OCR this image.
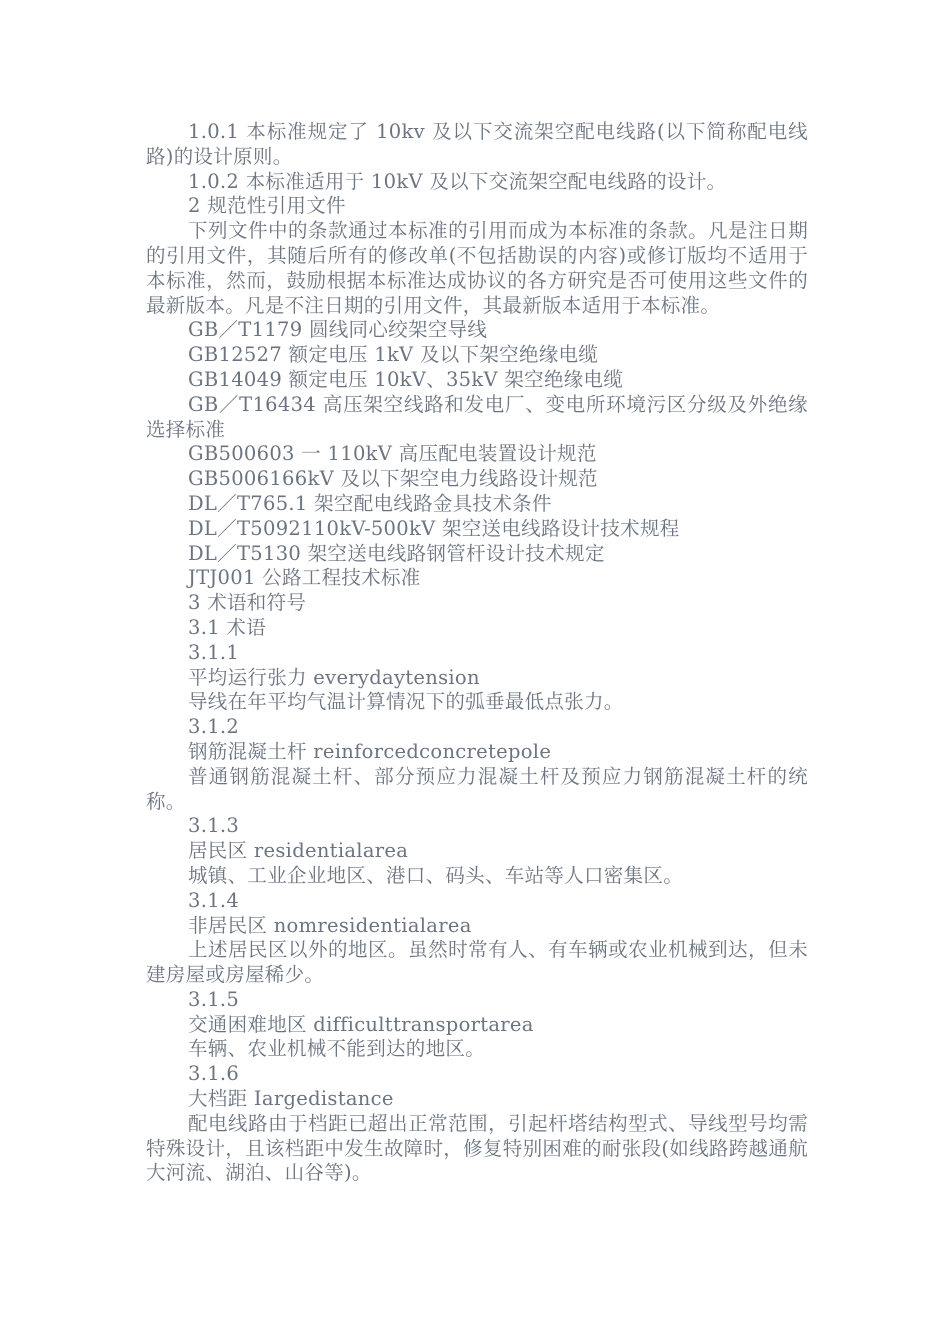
1.0.1 本标准规定了 10kv 及以下交流架空配电线路(以下简称配电线路)的设计原则。

1.0.2 本标准适用于 10kV 及以下交流架空配电线路的设计。

2 规范性引用文件

下列文件中的条款通过本标准的引用而成为本标准的条款。凡是注日期的引用文件，其随后所有的修改单(不包括勘误的内容)或修订版均不适用于本标准，然而，鼓励根据本标准达成协议的各方研究是否可使用这些文件的最新版本。凡是不注日期的引用文件，其最新版本适用于本标准。

GB／T1179 圆线同心绞架空导线

GB12527 额定电压 1kV 及以下架空绝缘电缆

GB14049 额定电压 10kV、35kV 架空绝缘电缆

GB／T16434 高压架空线路和发电厂、变电所环境污区分级及外绝缘选择标准

GB500603 一 110kV 高压配电装置设计规范

GB5006166kV 及以下架空电力线路设计规范

DL／T765.1 架空配电线路金具技术条件

DL／T5092110kV-500kV 架空送电线路设计技术规程

DL／T5130 架空送电线路钢管杆设计技术规定

JTJ001 公路工程技术标准

3 术语和符号

3.1 术语

3.1.1

平均运行张力 everydaytension

导线在年平均气温计算情况下的弧垂最低点张力。

3.1.2

钢筋混凝土杆 reinforcedconcretepole

普通钢筋混凝土杆、部分预应力混凝土杆及预应力钢筋混凝土杆的统称。

3.1.3

居民区 residentialarea

城镇、工业企业地区、港口、码头、车站等人口密集区。

3.1.4

非居民区 nomresidentialarea

上述居民区以外的地区。虽然时常有人、有车辆或农业机械到达，但未建房屋或房屋稀少。

3.1.5

交通困难地区 difficulttransportarea

车辆、农业机械不能到达的地区。

3.1.6

大档距 Iargedistance

配电线路由于档距已超出正常范围，引起杆塔结构型式、导线型号均需特殊设计，且该档距中发生故障时，修复特别困难的耐张段(如线路跨越通航大河流、湖泊、山谷等)。
